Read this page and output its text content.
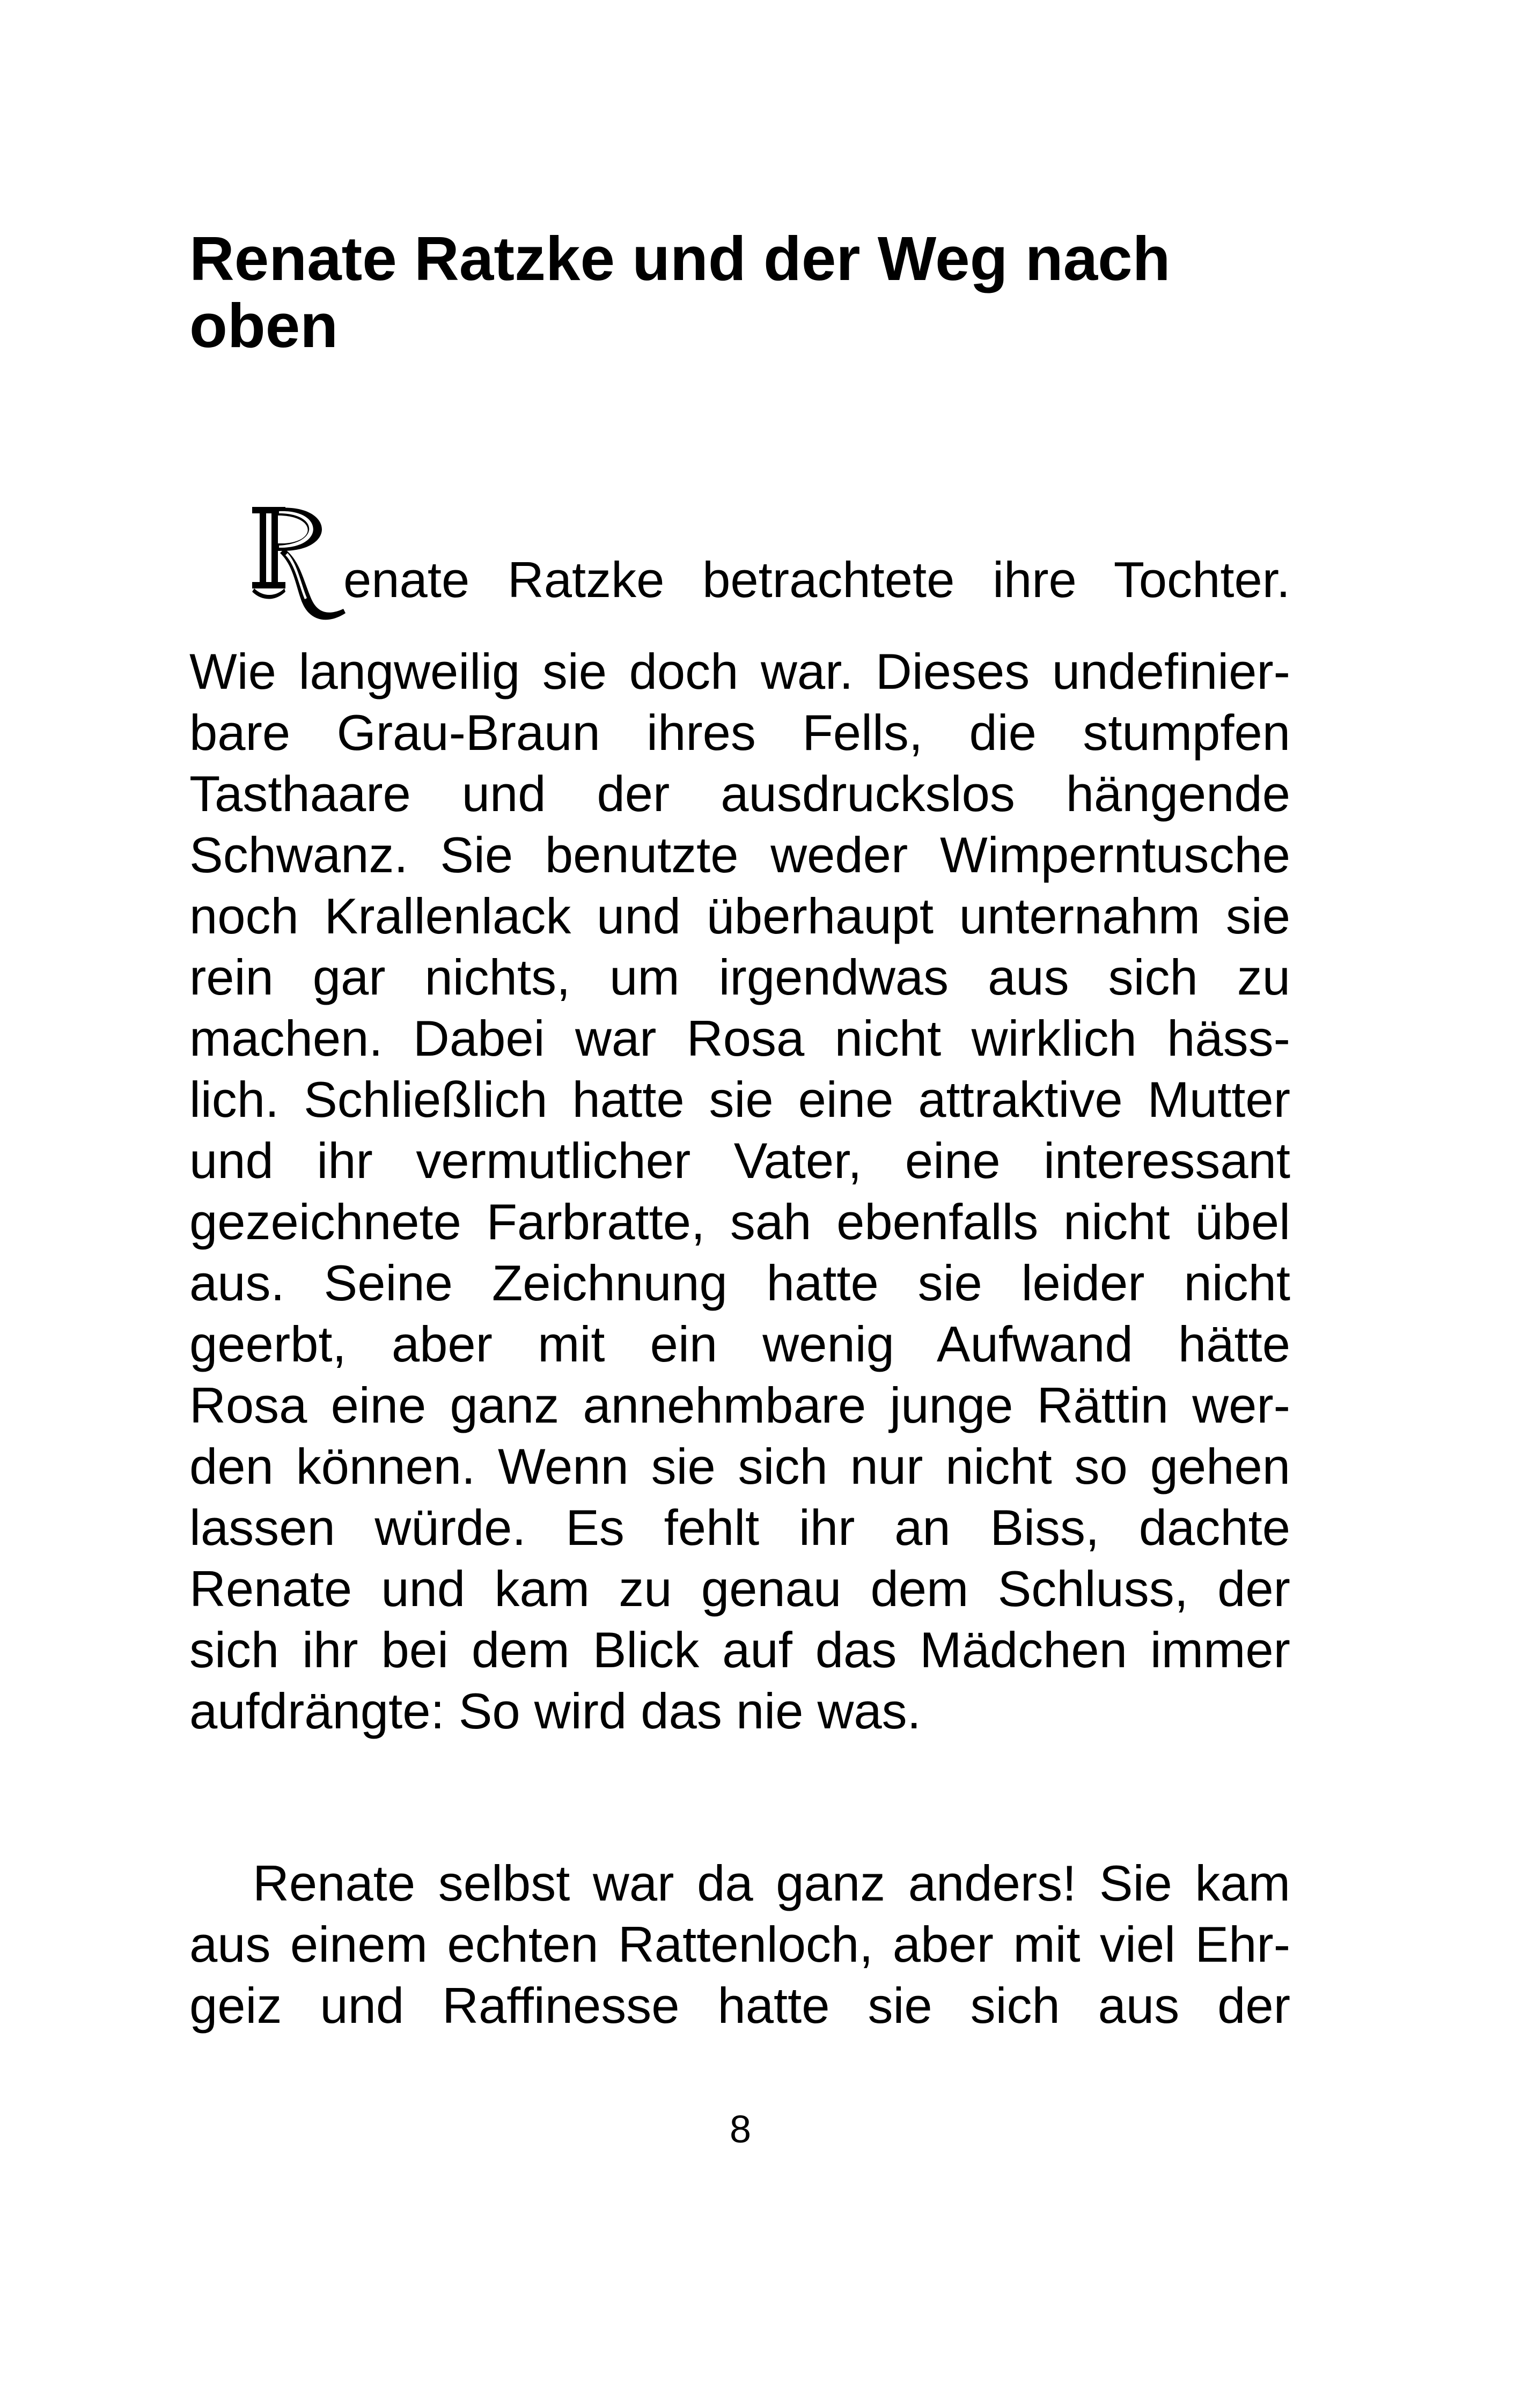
Renate Ratzke und der Weg nach
oben
enate Ratzke betrachtete ihre Tochter.
Wie langweilig sie doch war. Dieses undefinier-
bare Grau-Braun ihres Fells, die stumpfen
Tasthaare und der ausdruckslos hängende
Schwanz. Sie benutzte weder Wimperntusche
noch Krallenlack und überhaupt unternahm sie
rein gar nichts, um irgendwas aus sich zu
machen. Dabei war Rosa nicht wirklich häss-
lich. Schließlich hatte sie eine attraktive Mutter
und ihr vermutlicher Vater, eine interessant
gezeichnete Farbratte, sah ebenfalls nicht übel
aus. Seine Zeichnung hatte sie leider nicht
geerbt, aber mit ein wenig Aufwand hätte
Rosa eine ganz annehmbare junge Rättin wer-
den können. Wenn sie sich nur nicht so gehen
lassen würde. Es fehlt ihr an Biss, dachte
Renate und kam zu genau dem Schluss, der
sich ihr bei dem Blick auf das Mädchen immer
aufdrängte: So wird das nie was.
Renate selbst war da ganz anders! Sie kam
aus einem echten Rattenloch, aber mit viel Ehr-
geiz und Raffinesse hatte sie sich aus der
8
